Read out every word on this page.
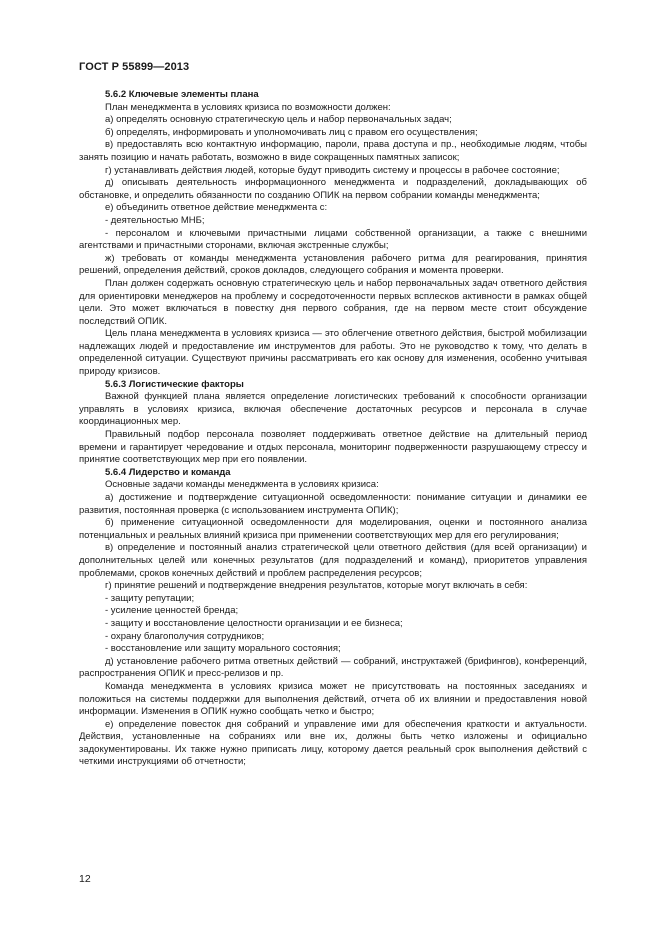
ГОСТ Р 55899—2013

5.6.2 Ключевые элементы плана

План менеджмента в условиях кризиса по возможности должен:

а) определять основную стратегическую цель и набор первоначальных задач;

б) определять, информировать и уполномочивать лиц с правом его осуществления;

в) предоставлять всю контактную информацию, пароли, права доступа и пр., необходимые людям, чтобы занять позицию и начать работать, возможно в виде сокращенных памятных записок;

г) устанавливать действия людей, которые будут приводить систему и процессы в рабочее состояние;

д) описывать деятельность информационного менеджмента и подразделений, докладывающих об обстановке, и определить обязанности по созданию ОПИК на первом собрании команды менеджмента;

е) объединить ответное действие менеджмента с:

- деятельностью МНБ;

- персоналом и ключевыми причастными лицами собственной организации, а также с внешними агентствами и причастными сторонами, включая экстренные службы;

ж) требовать от команды менеджмента установления рабочего ритма для реагирования, принятия решений, определения действий, сроков докладов, следующего собрания и момента проверки.

План должен содержать основную стратегическую цель и набор первоначальных задач ответного действия для ориентировки менеджеров на проблему и сосредоточенности первых всплесков активности в рамках общей цели. Это может включаться в повестку дня первого собрания, где на первом месте стоит обсуждение последствий ОПИК.

Цель плана менеджмента в условиях кризиса — это облегчение ответного действия, быстрой мобилизации надлежащих людей и предоставление им инструментов для работы. Это не руководство к тому, что делать в определенной ситуации. Существуют причины рассматривать его как основу для изменения, особенно учитывая природу кризисов.

5.6.3 Логистические факторы

Важной функцией плана является определение логистических требований к способности организации управлять в условиях кризиса, включая обеспечение достаточных ресурсов и персонала в случае координационных мер.

Правильный подбор персонала позволяет поддерживать ответное действие на длительный период времени и гарантирует чередование и отдых персонала, мониторинг подверженности разрушающему стрессу и принятие соответствующих мер при его появлении.

5.6.4 Лидерство и команда

Основные задачи команды менеджмента в условиях кризиса:

а) достижение и подтверждение ситуационной осведомленности: понимание ситуации и динамики ее развития, постоянная проверка (с использованием инструмента ОПИК);

б) применение ситуационной осведомленности для моделирования, оценки и постоянного анализа потенциальных и реальных влияний кризиса при применении соответствующих мер для его регулирования;

в) определение и постоянный анализ стратегической цели ответного действия (для всей организации) и дополнительных целей или конечных результатов (для подразделений и команд), приоритетов управления проблемами, сроков конечных действий и проблем распределения ресурсов;

г) принятие решений и подтверждение внедрения результатов, которые могут включать в себя:

- защиту репутации;

- усиление ценностей бренда;

- защиту и восстановление целостности организации и ее бизнеса;

- охрану благополучия сотрудников;

- восстановление или защиту морального состояния;

д) установление рабочего ритма ответных действий — собраний, инструктажей (брифингов), конференций, распространения ОПИК и пресс-релизов и пр.

Команда менеджмента в условиях кризиса может не присутствовать на постоянных заседаниях и положиться на системы поддержки для выполнения действий, отчета об их влиянии и предоставления новой информации. Изменения в ОПИК нужно сообщать четко и быстро;

е) определение повесток дня собраний и управление ими для обеспечения краткости и актуальности. Действия, установленные на собраниях или вне их, должны быть четко изложены и официально задокументированы. Их также нужно приписать лицу, которому дается реальный срок выполнения действий с четкими инструкциями об отчетности;

12
